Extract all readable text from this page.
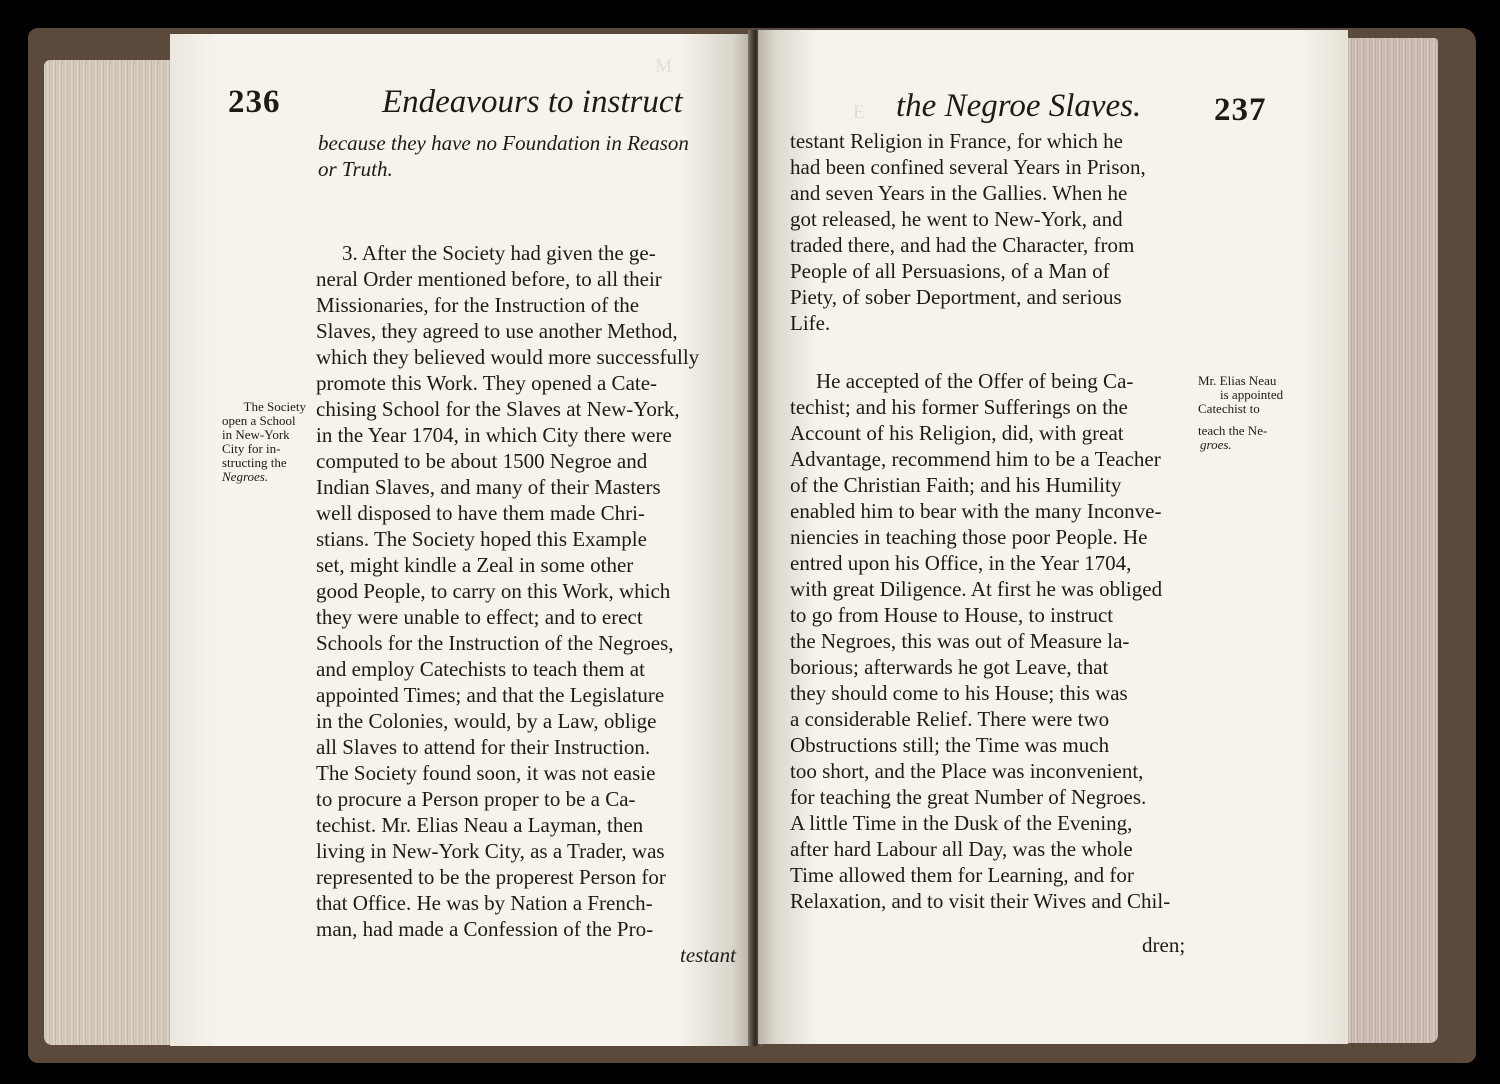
M
236	Endeavours to instruct
because they have no Foundation in Reason
or Truth.
3. After the Society had given the ge-
neral Order mentioned before, to all their
Missionaries, for the Instruction of the
Slaves, they agreed to use another Method,
which they believed would more successfully
promote this Work. They opened a Cate-
chising School for the Slaves at New-York,
in the Year 1704, in which City there were
computed to be about 1500 Negroe and
Indian Slaves, and many of their Masters
well disposed to have them made Chri-
stians. The Society hoped this Example
set, might kindle a Zeal in some other
good People, to carry on this Work, which
they were unable to effect; and to erect
Schools for the Instruction of the Negroes,
and employ Catechists to teach them at
appointed Times; and that the Legislature
in the Colonies, would, by a Law, oblige
all Slaves to attend for their Instruction.
The Society found soon, it was not easie
to procure a Person proper to be a Ca-
techist. Mr. Elias Neau a Layman, then
living in New-York City, as a Trader, was
represented to be the properest Person for
that Office. He was by Nation a French-
man, had made a Confession of the Pro-
testant
The Society
open a School
in New-York
City for in-
structing the
Negroes.
E the Negroe Slaves. 237
testant Religion in France, for which he
had been confined several Years in Prison,
and seven Years in the Gallies. When he
got released, he went to New-York, and
traded there, and had the Character, from
People of all Persuasions, of a Man of
Piety, of sober Deportment, and serious
Life.
He accepted of the Offer of being Ca-
techist; and his former Sufferings on the
Account of his Religion, did, with great
Advantage, recommend him to be a Teacher
of the Christian Faith; and his Humility
enabled him to bear with the many Inconve-
niencies in teaching those poor People. He
entred upon his Office, in the Year 1704,
with great Diligence. At first he was obliged
to go from House to House, to instruct
the Negroes, this was out of Measure la-
borious; afterwards he got Leave, that
they should come to his House; this was
a considerable Relief. There were two
Obstructions still; the Time was much
too short, and the Place was inconvenient,
for teaching the great Number of Negroes.
A little Time in the Dusk of the Evening,
after hard Labour all Day, was the whole
Time allowed them for Learning, and for
Relaxation, and to visit their Wives and Chil-
dren;
Mr. Elias Neau
is appointed
Catechist to
teach the Ne-
groes.
